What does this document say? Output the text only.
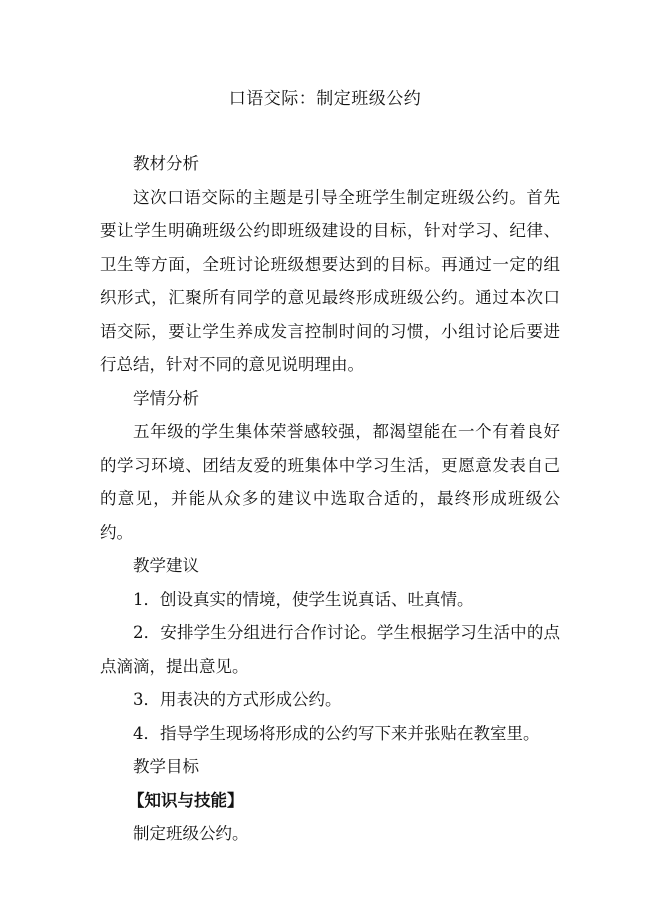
口语交际：制定班级公约

教材分析

这次口语交际的主题是引导全班学生制定班级公约。首先要让学生明确班级公约即班级建设的目标，针对学习、纪律、卫生等方面，全班讨论班级想要达到的目标。再通过一定的组织形式，汇聚所有同学的意见最终形成班级公约。通过本次口语交际，要让学生养成发言控制时间的习惯，小组讨论后要进行总结，针对不同的意见说明理由。

学情分析

五年级的学生集体荣誉感较强，都渴望能在一个有着良好的学习环境、团结友爱的班集体中学习生活，更愿意发表自己的意见，并能从众多的建议中选取合适的，最终形成班级公约。

教学建议

1．创设真实的情境，使学生说真话、吐真情。

2．安排学生分组进行合作讨论。学生根据学习生活中的点点滴滴，提出意见。

3．用表决的方式形成公约。

4．指导学生现场将形成的公约写下来并张贴在教室里。

教学目标

【知识与技能】

制定班级公约。
